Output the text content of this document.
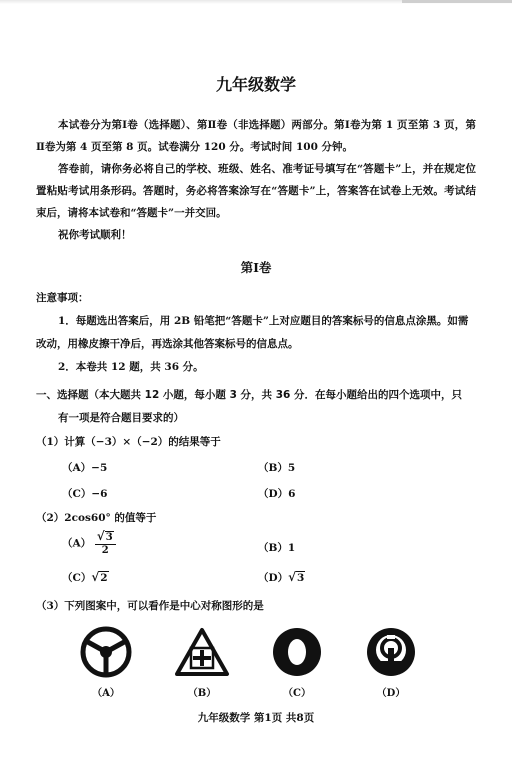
九年级数学
本试卷分为第Ⅰ卷（选择题）、第Ⅱ卷（非选择题）两部分。第Ⅰ卷为第 1 页至第 3 页，第Ⅱ卷为第 4 页至第 8 页。试卷满分 120 分。考试时间 100 分钟。
答卷前，请你务必将自己的学校、班级、姓名、准考证号填写在“答题卡”上，并在规定位置粘贴考试用条形码。答题时，务必将答案涂写在“答题卡”上，答案答在试卷上无效。考试结束后，请将本试卷和“答题卡”一并交回。
祝你考试顺利！
第Ⅰ卷
注意事项：
1．每题选出答案后，用 2B 铅笔把“答题卡”上对应题目的答案标号的信息点涂黑。如需改动，用橡皮擦干净后，再选涂其他答案标号的信息点。
2．本卷共 12 题，共 36 分。
一、选择题（本大题共 12 小题，每小题 3 分，共 36 分．在每小题给出的四个选项中，只
有一项是符合题目要求的）
（1）计算（−3）×（−2）的结果等于
（A）−5	（B）5
（C）−6	（D）6
（2）2cos60° 的值等于
$(A) \frac{√3}{2}$	（B）1
（C）√2	（D）√3
（3）下列图案中，可以看作是中心对称图形的是
（A）	（B）	（C）	（D）
九年级数学 第1页 共8页
